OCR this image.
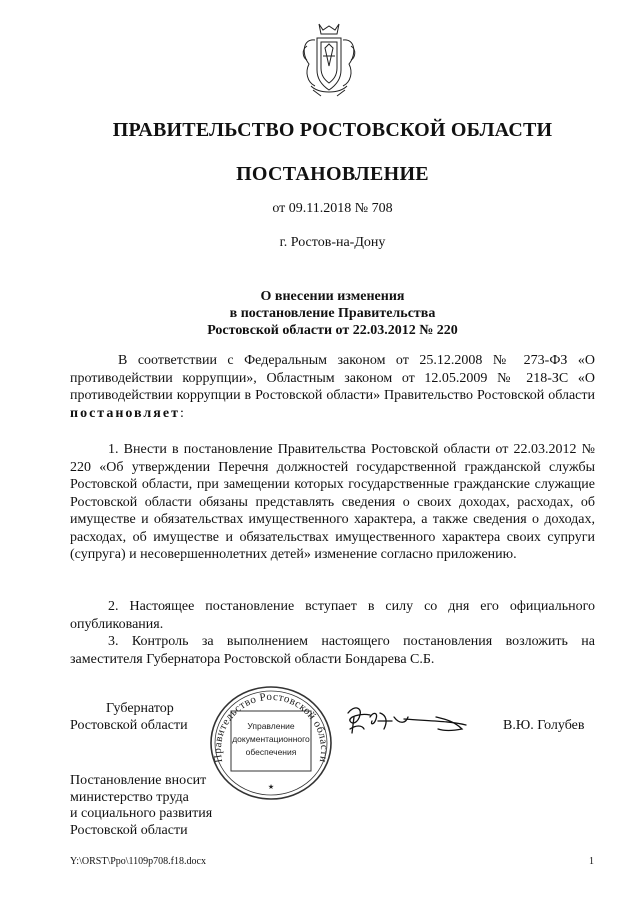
ПРАВИТЕЛЬСТВО РОСТОВСКОЙ ОБЛАСТИ
ПОСТАНОВЛЕНИЕ
от 09.11.2018 № 708
г. Ростов-на-Дону
О внесении изменения
в постановление Правительства
Ростовской области от 22.03.2012 № 220
В соответствии с Федеральным законом от 25.12.2008 № 273-ФЗ «О противодействии коррупции», Областным законом от 12.05.2009 № 218-ЗС «О противодействии коррупции в Ростовской области» Правительство Ростовской области постановляет:
1. Внести в постановление Правительства Ростовской области от 22.03.2012 № 220 «Об утверждении Перечня должностей государственной гражданской службы Ростовской области, при замещении которых государственные гражданские служащие Ростовской области обязаны представлять сведения о своих доходах, расходах, об имуществе и обязательствах имущественного характера, а также сведения о доходах, расходах, об имуществе и обязательствах имущественного характера своих супруги (супруга) и несовершеннолетних детей» изменение согласно приложению.
2. Настоящее постановление вступает в силу со дня его официального опубликования.
3. Контроль за выполнением настоящего постановления возложить на заместителя Губернатора Ростовской области Бондарева С.Б.
Губернатор
Ростовской области
Правительство Ростовской области
Управление
документационного
обеспечения
★
В.Ю. Голубев
Постановление вносит
министерство труда
и социального развития
Ростовской области
Y:\ORST\Ppo\1109p708.f18.docx	1
